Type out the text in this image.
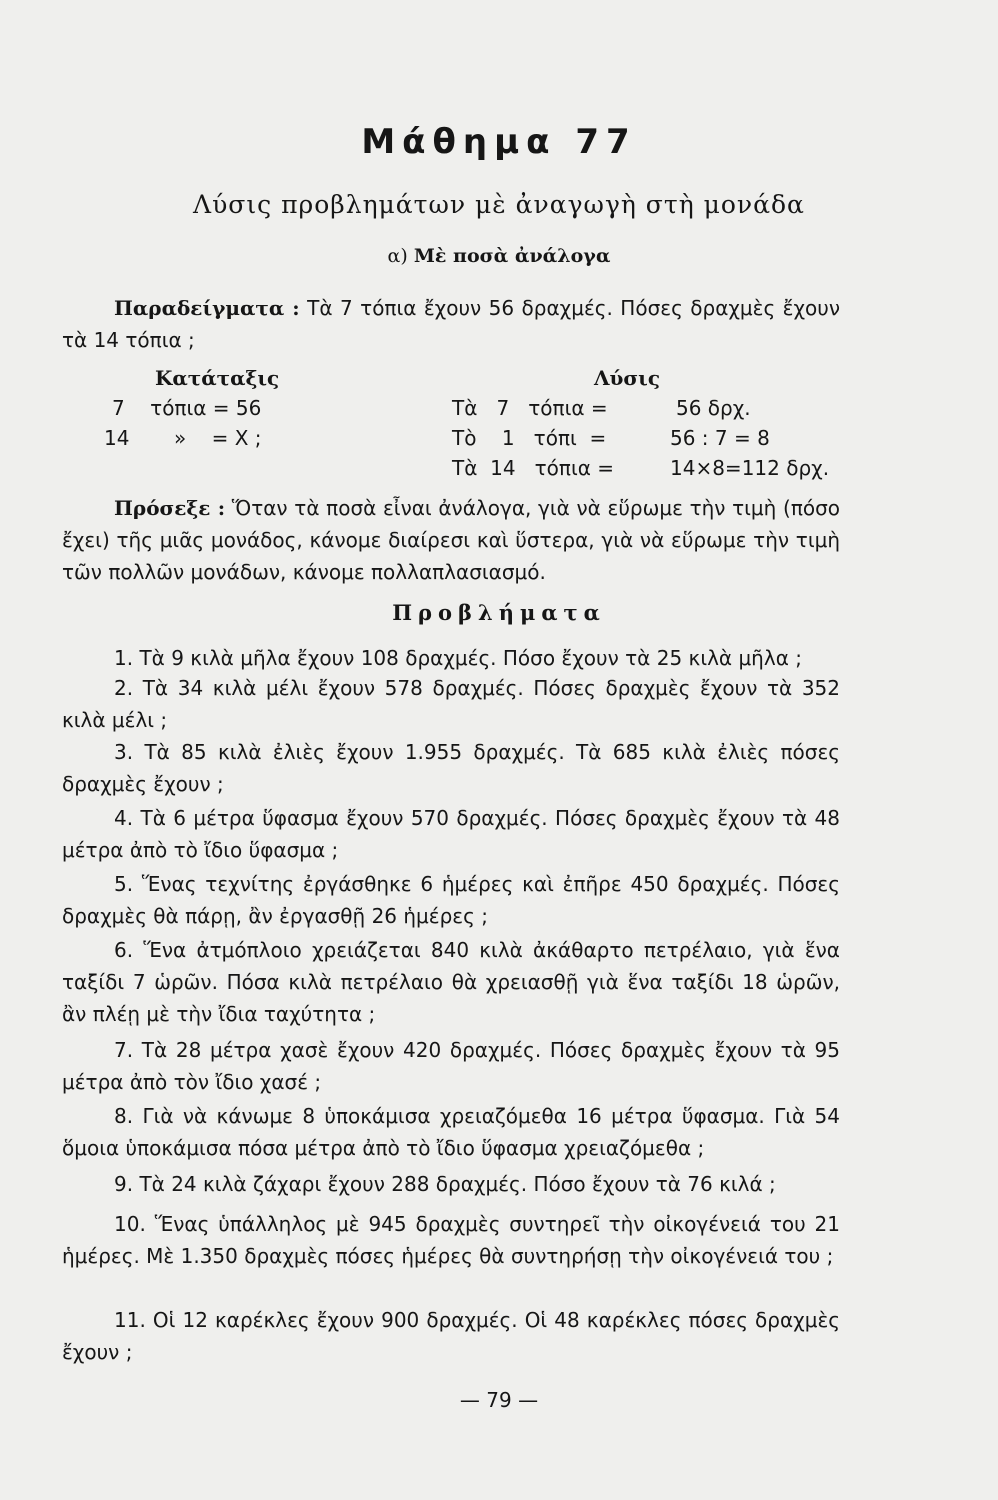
Μάθημα 77
Λύσις προβλημάτων μὲ ἀναγωγὴ στὴ μονάδα
α) Μὲ ποσὰ ἀνάλογα
Παραδείγματα : Τὰ 7 τόπια ἔχουν 56 δραχμές. Πόσες δραχμὲς ἔχουν τὰ 14 τόπια ;
Κατάταξις
7    τόπια = 56
14       »    = X ;
Λύσις
Τὰ   7   τόπια =	56 δρχ.
Τὸ    1   τόπι  =	56 : 7 = 8
Τὰ  14   τόπια =	14×8=112 δρχ.
Πρόσεξε : Ὅταν τὰ ποσὰ εἶναι ἀνάλογα, γιὰ νὰ εὕρωμε τὴν τιμὴ (πόσο ἔχει) τῆς μιᾶς μονάδος, κάνομε διαίρεσι καὶ ὕστερα, γιὰ νὰ εὕρωμε τὴν τιμὴ τῶν πολλῶν μονάδων, κάνομε πολλαπλασιασμό.
Προβλήματα
1. Τὰ 9 κιλὰ μῆλα ἔχουν 108 δραχμές. Πόσο ἔχουν τὰ 25 κιλὰ μῆλα ;
2. Τὰ 34 κιλὰ μέλι ἔχουν 578 δραχμές. Πόσες δραχμὲς ἔχουν τὰ 352 κιλὰ μέλι ;
3. Τὰ 85 κιλὰ ἐλιὲς ἔχουν 1.955 δραχμές. Τὰ 685 κιλὰ ἐλιὲς πόσες δραχμὲς ἔχουν ;
4. Τὰ 6 μέτρα ὕφασμα ἔχουν 570 δραχμές. Πόσες δραχμὲς ἔχουν τὰ 48 μέτρα ἀπὸ τὸ ἴδιο ὕφασμα ;
5. Ἕνας τεχνίτης ἐργάσθηκε 6 ἡμέρες καὶ ἐπῆρε 450 δραχμές. Πόσες δραχμὲς θὰ πάρῃ, ἂν ἐργασθῇ 26 ἡμέρες ;
6. Ἕνα ἀτμόπλοιο χρειάζεται 840 κιλὰ ἀκάθαρτο πετρέλαιο, γιὰ ἕνα ταξίδι 7 ὡρῶν. Πόσα κιλὰ πετρέλαιο θὰ χρειασθῇ γιὰ ἕνα ταξίδι 18 ὡρῶν, ἂν πλέῃ μὲ τὴν ἴδια ταχύτητα ;
7. Τὰ 28 μέτρα χασὲ ἔχουν 420 δραχμές. Πόσες δραχμὲς ἔχουν τὰ 95 μέτρα ἀπὸ τὸν ἴδιο χασέ ;
8. Γιὰ νὰ κάνωμε 8 ὑποκάμισα χρειαζόμεθα 16 μέτρα ὕφασμα. Γιὰ 54 ὅμοια ὑποκάμισα πόσα μέτρα ἀπὸ τὸ ἴδιο ὕφασμα χρειαζόμεθα ;
9. Τὰ 24 κιλὰ ζάχαρι ἔχουν 288 δραχμές. Πόσο ἔχουν τὰ 76 κιλά ;
10. Ἕνας ὑπάλληλος μὲ 945 δραχμὲς συντηρεῖ τὴν οἰκογένειά του 21 ἡμέρες. Μὲ 1.350 δραχμὲς πόσες ἡμέρες θὰ συντηρήσῃ τὴν οἰκογένειά του ;
11. Οἱ 12 καρέκλες ἔχουν 900 δραχμές. Οἱ 48 καρέκλες πόσες δραχμὲς ἔχουν ;
— 79 —
